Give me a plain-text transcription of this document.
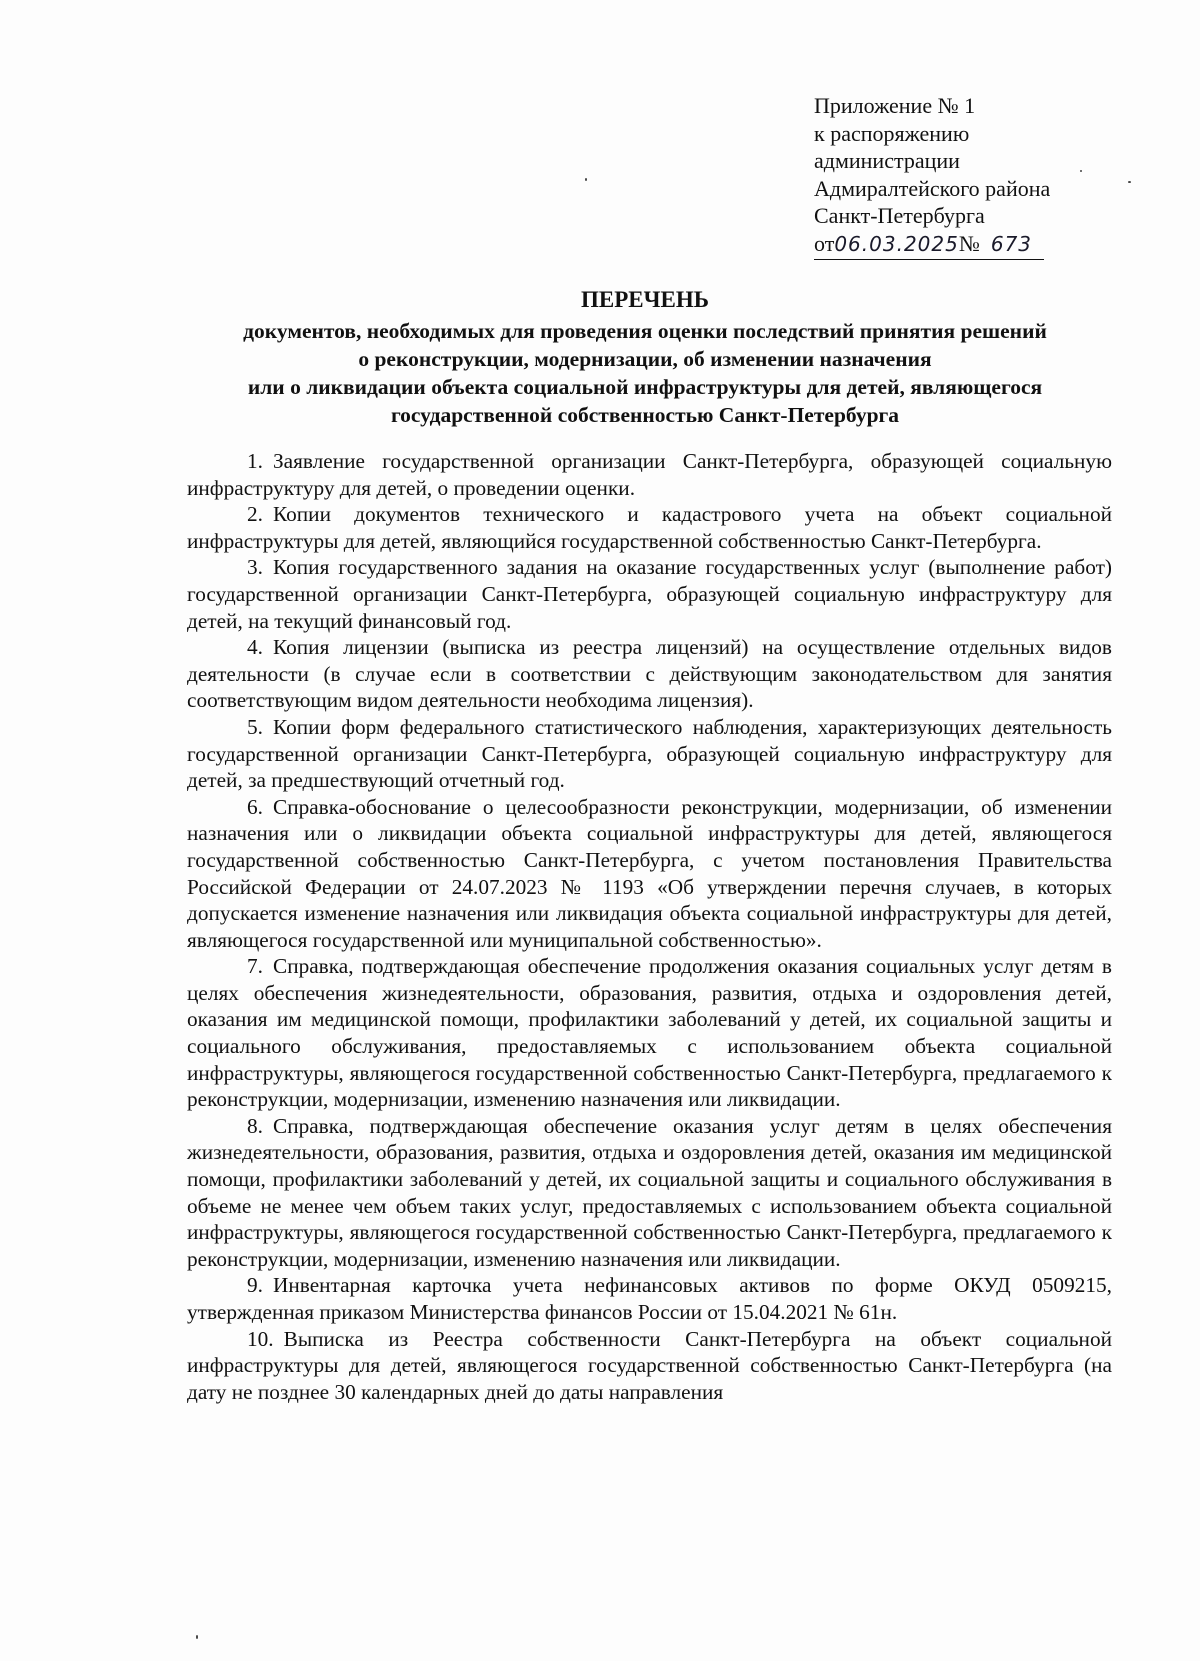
Приложение № 1
к распоряжению
администрации
Адмиралтейского района
Санкт-Петербурга
от06.03.2025№ 673
ПЕРЕЧЕНЬ
документов, необходимых для проведения оценки последствий принятия решений
о реконструкции, модернизации, об изменении назначения
или о ликвидации объекта социальной инфраструктуры для детей, являющегося
государственной собственностью Санкт-Петербурга

1. Заявление государственной организации Санкт-Петербурга, образующей социальную инфраструктуру для детей, о проведении оценки.

2. Копии документов технического и кадастрового учета на объект социальной инфраструктуры для детей, являющийся государственной собственностью Санкт-Петербурга.

3. Копия государственного задания на оказание государственных услуг (выполнение работ) государственной организации Санкт-Петербурга, образующей социальную инфраструктуру для детей, на текущий финансовый год.

4. Копия лицензии (выписка из реестра лицензий) на осуществление отдельных видов деятельности (в случае если в соответствии с действующим законодательством для занятия соответствующим видом деятельности необходима лицензия).

5. Копии форм федерального статистического наблюдения, характеризующих деятельность государственной организации Санкт-Петербурга, образующей социальную инфраструктуру для детей, за предшествующий отчетный год.

6. Справка-обоснование о целесообразности реконструкции, модернизации, об изменении назначения или о ликвидации объекта социальной инфраструктуры для детей, являющегося государственной собственностью Санкт-Петербурга, с учетом постановления Правительства Российской Федерации от 24.07.2023 № 1193 «Об утверждении перечня случаев, в которых допускается изменение назначения или ликвидация объекта социальной инфраструктуры для детей, являющегося государственной или муниципальной собственностью».

7. Справка, подтверждающая обеспечение продолжения оказания социальных услуг детям в целях обеспечения жизнедеятельности, образования, развития, отдыха и оздоровления детей, оказания им медицинской помощи, профилактики заболеваний у детей, их социальной защиты и социального обслуживания, предоставляемых с использованием объекта социальной инфраструктуры, являющегося государственной собственностью Санкт-Петербурга, предлагаемого к реконструкции, модернизации, изменению назначения или ликвидации.

8. Справка, подтверждающая обеспечение оказания услуг детям в целях обеспечения жизнедеятельности, образования, развития, отдыха и оздоровления детей, оказания им медицинской помощи, профилактики заболеваний у детей, их социальной защиты и социального обслуживания в объеме не менее чем объем таких услуг, предоставляемых с использованием объекта социальной инфраструктуры, являющегося государственной собственностью Санкт-Петербурга, предлагаемого к реконструкции, модернизации, изменению назначения или ликвидации.

9. Инвентарная карточка учета нефинансовых активов по форме ОКУД 0509215, утвержденная приказом Министерства финансов России от 15.04.2021 № 61н.

10. Выписка из Реестра собственности Санкт-Петербурга на объект социальной инфраструктуры для детей, являющегося государственной собственностью Санкт-Петербурга (на дату не позднее 30 календарных дней до даты направления
